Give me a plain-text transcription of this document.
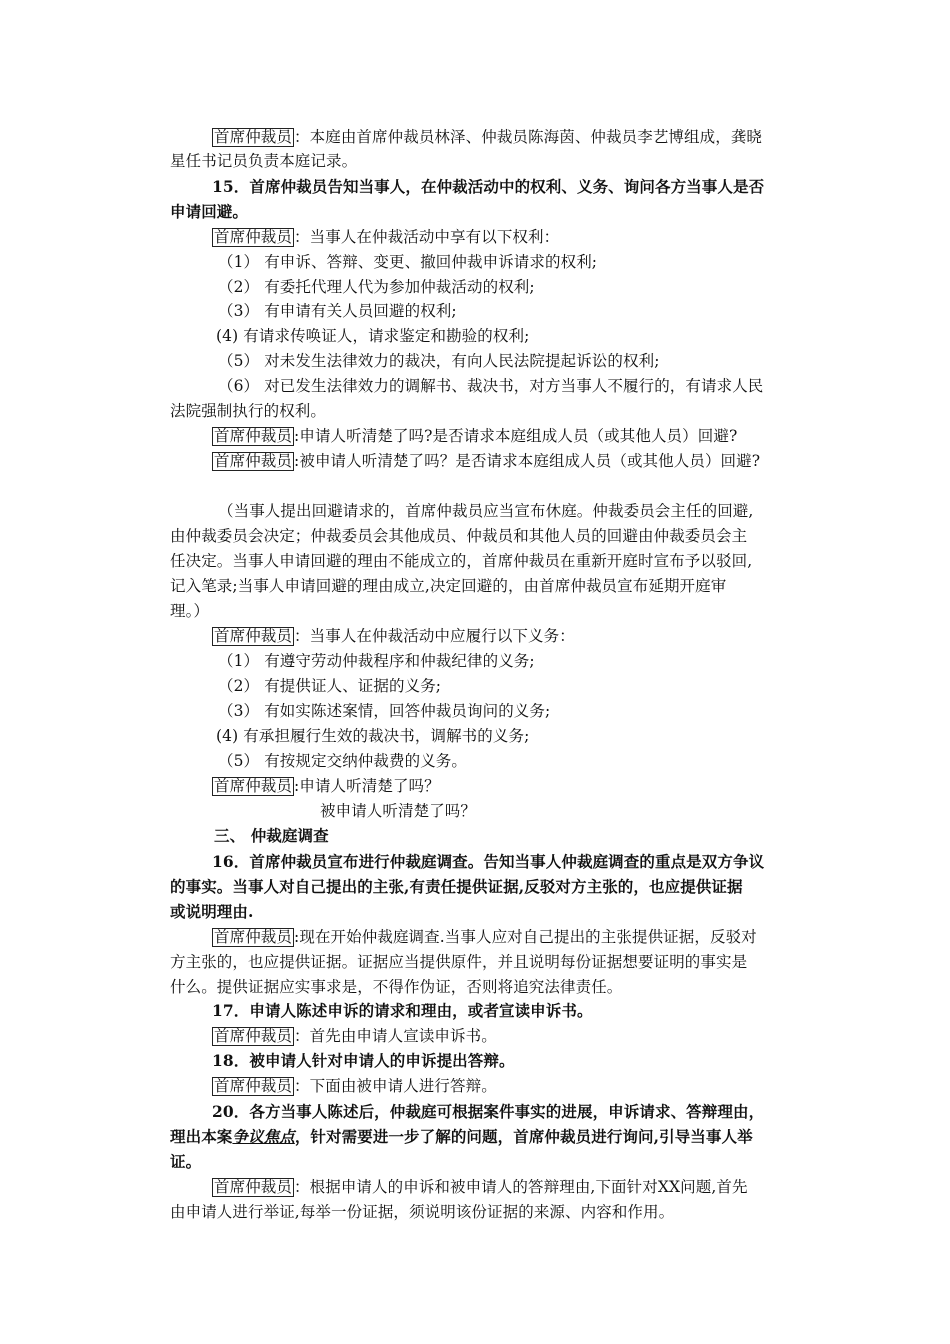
首席仲裁员 ：本庭由首席仲裁员林泽、仲裁员陈海茵、仲裁员李艺博组成，龚晓
星任书记员负责本庭记录。
15．首席仲裁员告知当事人，在仲裁活动中的权利、义务、询问各方当事人是否
申请回避。
首席仲裁员 ：当事人在仲裁活动中享有以下权利：
（1） 有申诉、答辩、变更、撤回仲裁申诉请求的权利;
（2） 有委托代理人代为参加仲裁活动的权利;
（3） 有申请有关人员回避的权利;
(4) 有请求传唤证人，请求鉴定和勘验的权利;
（5） 对未发生法律效力的裁决，有向人民法院提起诉讼的权利;
（6） 对已发生法律效力的调解书、裁决书，对方当事人不履行的，有请求人民
法院强制执行的权利。
首席仲裁员 :申请人听清楚了吗?是否请求本庭组成人员（或其他人员）回避?
首席仲裁员 :被申请人听清楚了吗？是否请求本庭组成人员（或其他人员）回避?
（当事人提出回避请求的，首席仲裁员应当宣布休庭。仲裁委员会主任的回避,
由仲裁委员会决定；仲裁委员会其他成员、仲裁员和其他人员的回避由仲裁委员会主
任决定。当事人申请回避的理由不能成立的，首席仲裁员在重新开庭时宣布予以驳回,
记入笔录;当事人申请回避的理由成立,决定回避的，由首席仲裁员宣布延期开庭审
理。）
首席仲裁员 ：当事人在仲裁活动中应履行以下义务：
（1） 有遵守劳动仲裁程序和仲裁纪律的义务;
（2） 有提供证人、证据的义务;
（3） 有如实陈述案情，回答仲裁员询问的义务;
(4) 有承担履行生效的裁决书，调解书的义务;
（5） 有按规定交纳仲裁费的义务。
首席仲裁员 :申请人听清楚了吗？
被申请人听清楚了吗？
三、 仲裁庭调查
16．首席仲裁员宣布进行仲裁庭调查。告知当事人仲裁庭调查的重点是双方争议
的事实。当事人对自己提出的主张,有责任提供证据,反驳对方主张的，也应提供证据
或说明理由.
首席仲裁员 :现在开始仲裁庭调查.当事人应对自己提出的主张提供证据，反驳对
方主张的，也应提供证据。证据应当提供原件，并且说明每份证据想要证明的事实是
什么。提供证据应实事求是，不得作伪证，否则将追究法律责任。
17．申请人陈述申诉的请求和理由，或者宣读申诉书。
首席仲裁员 ：首先由申请人宣读申诉书。
18．被申请人针对申请人的申诉提出答辩。
首席仲裁员 ：下面由被申请人进行答辩。
20．各方当事人陈述后，仲裁庭可根据案件事实的进展，申诉请求、答辩理由，
理出本案争议焦点，针对需要进一步了解的问题，首席仲裁员进行询问,引导当事人举
证。
首席仲裁员 ：根据申请人的申诉和被申请人的答辩理由,下面针对XX问题,首先
由申请人进行举证,每举一份证据，须说明该份证据的来源、内容和作用。
